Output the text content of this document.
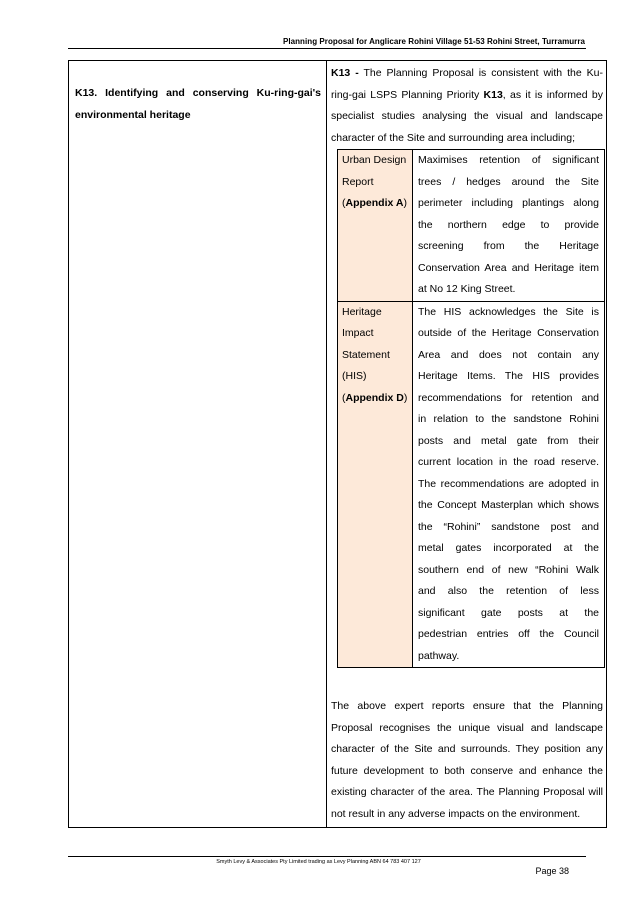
Planning Proposal for Anglicare Rohini Village 51-53 Rohini Street, Turramurra
K13. Identifying and conserving Ku-ring-gai's environmental heritage

K13 - The Planning Proposal is consistent with the Ku-ring-gai LSPS Planning Priority K13, as it is informed by specialist studies analysing the visual and landscape character of the Site and surrounding area including;

Urban Design Report
(Appendix A)
Maximises retention of significant
trees / hedges around the Site
perimeter including plantings along
the northern edge to provide
screening from the Heritage
Conservation Area and Heritage item
at No 12 King Street.
Heritage Impact Statement (HIS)
(Appendix D)
The HIS acknowledges the Site is
outside of the Heritage Conservation
Area and does not contain any
Heritage Items. The HIS provides
recommendations for retention and
in relation to the sandstone Rohini
posts and metal gate from their
current location in the road reserve.
The recommendations are adopted in
the Concept Masterplan which shows
the “Rohini” sandstone post and
metal gates incorporated at the
southern end of new “Rohini Walk
and also the retention of less
significant gate posts at the
pedestrian entries off the Council
pathway.

The above expert reports ensure that the Planning Proposal recognises the unique visual and landscape character of the Site and surrounds. They position any future development to both conserve and enhance the existing character of the area. The Planning Proposal will not result in any adverse impacts on the environment.

Smyth Levy & Associates Pty Limited trading as Levy Planning ABN 64 783 407 127
Page 38
